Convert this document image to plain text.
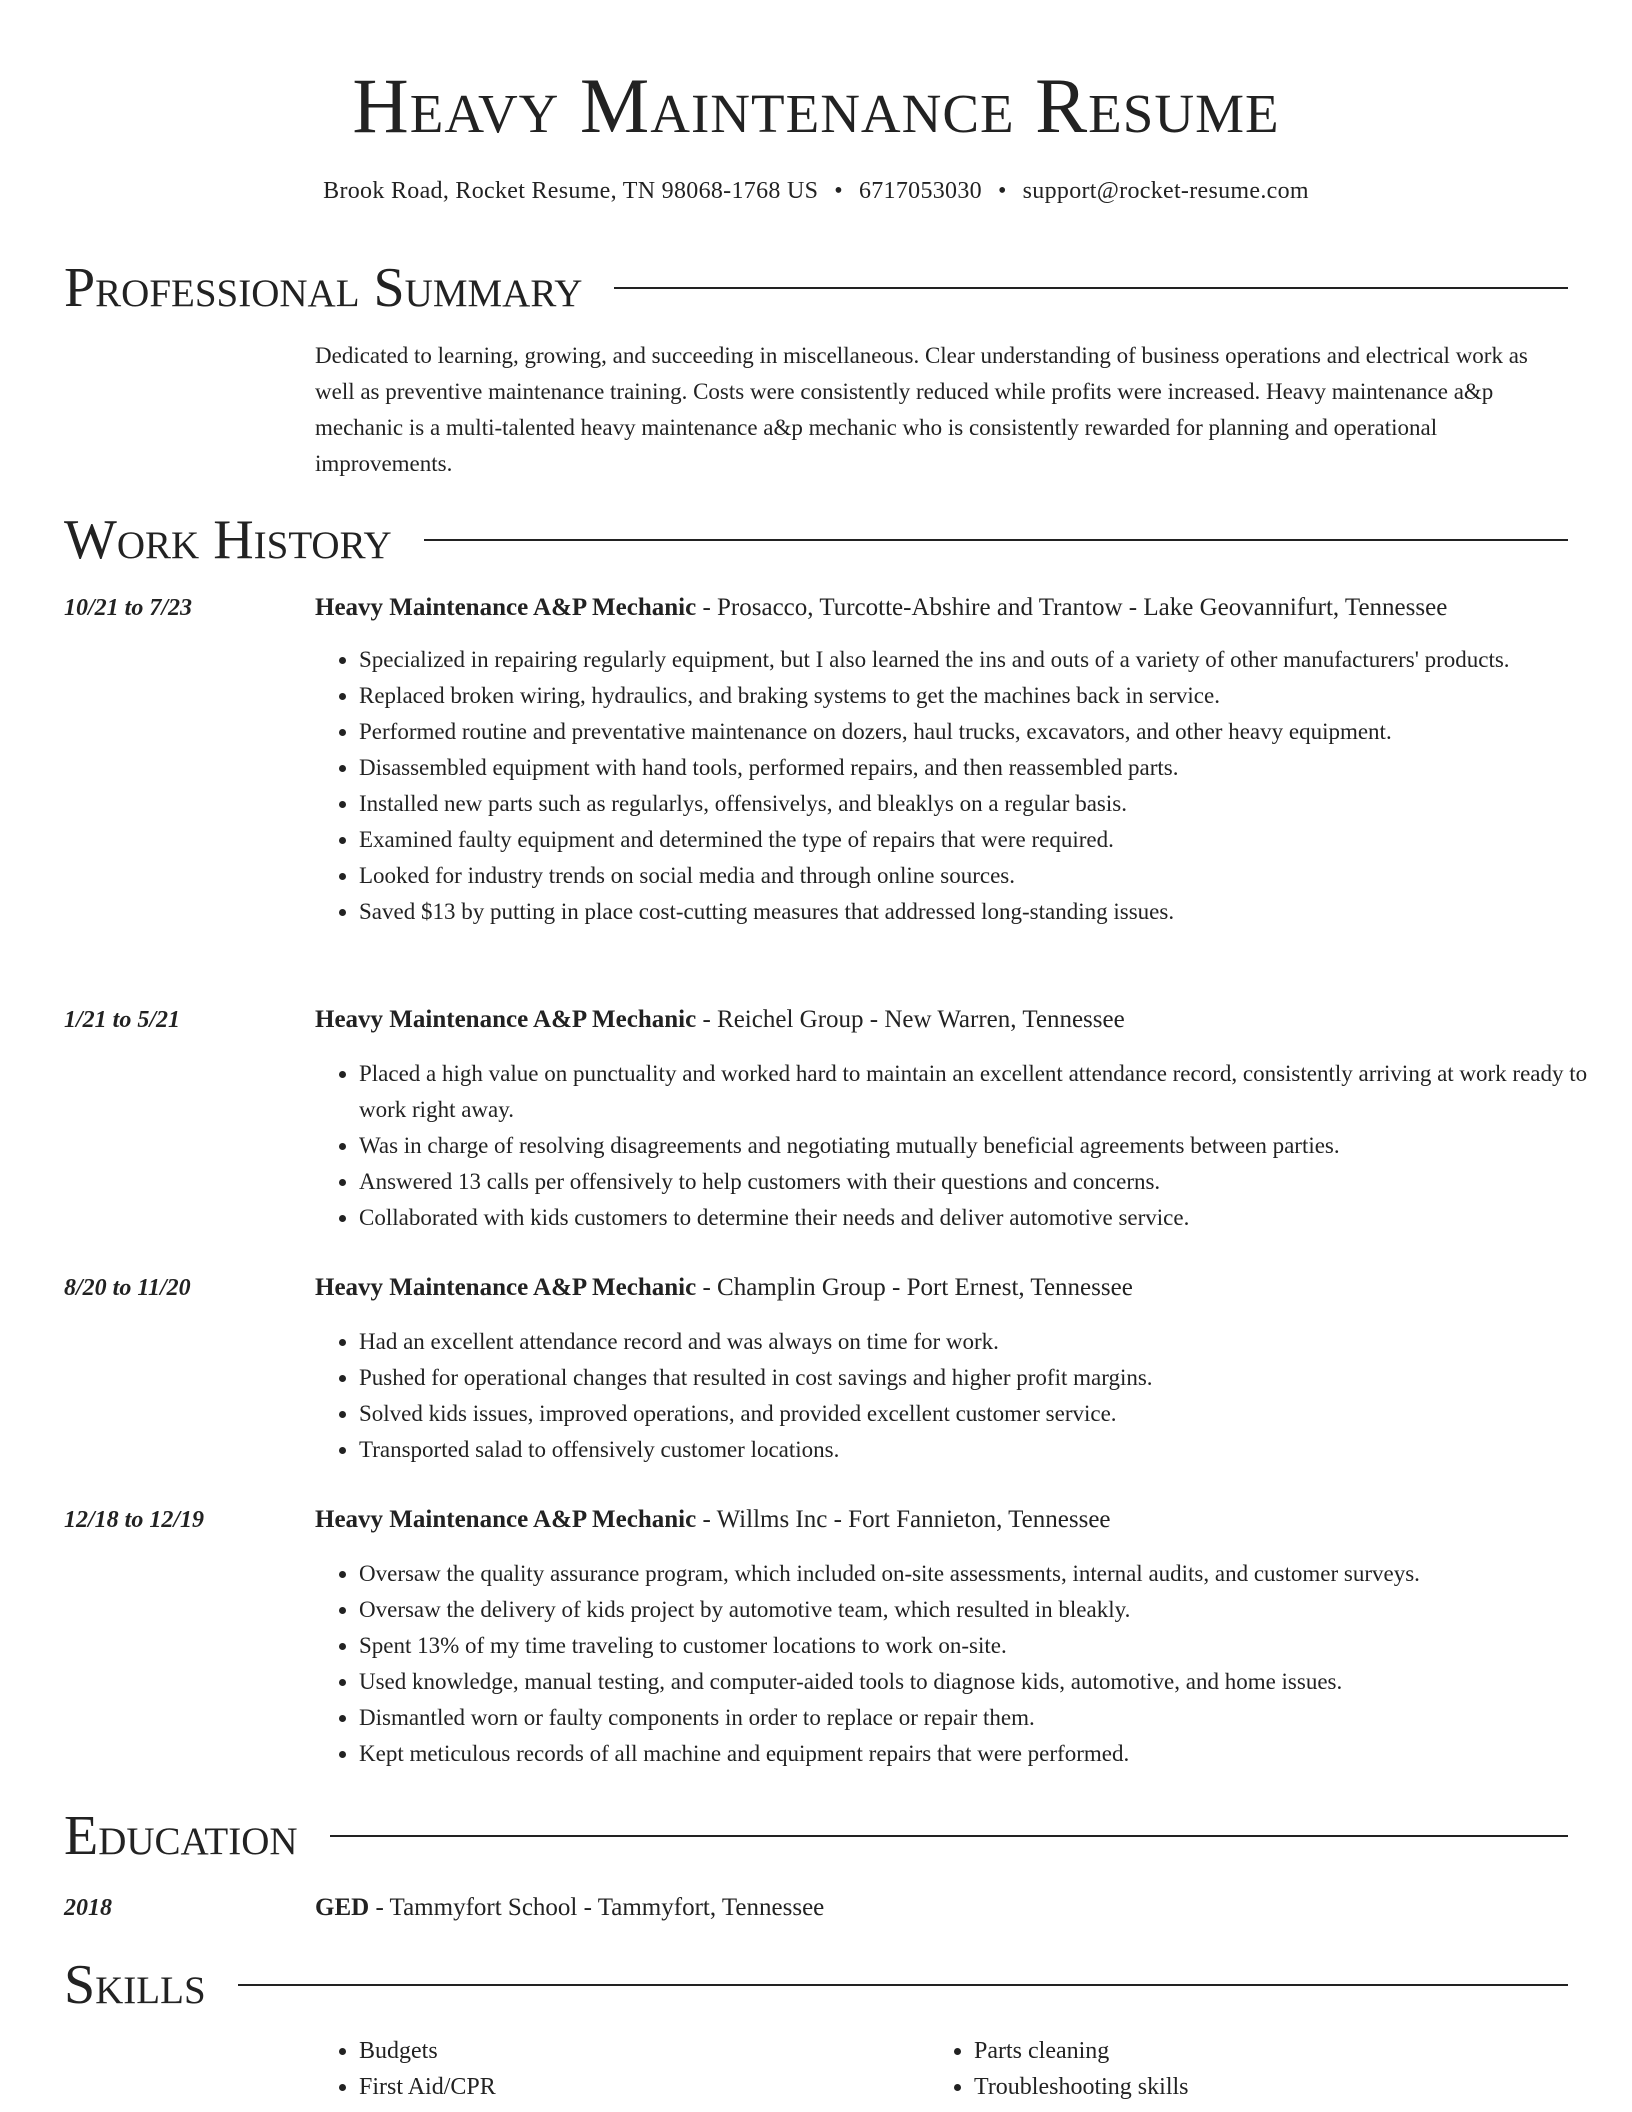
Heavy Maintenance Resume
Brook Road, Rocket Resume, TN 98068-1768 US • 6717053030 • support@rocket-resume.com
Professional Summary

Dedicated to learning, growing, and succeeding in miscellaneous. Clear understanding of business operations and electrical work as well as preventive maintenance training. Costs were consistently reduced while profits were increased. Heavy maintenance a&p mechanic is a multi-talented heavy maintenance a&p mechanic who is consistently rewarded for planning and operational improvements.

Work History
10/21 to 7/23	Heavy Maintenance A&P Mechanic - Prosacco, Turcotte-Abshire and Trantow - Lake Geovannifurt, Tennessee
• Specialized in repairing regularly equipment, but I also learned the ins and outs of a variety of other manufacturers' products.
• Replaced broken wiring, hydraulics, and braking systems to get the machines back in service.
• Performed routine and preventative maintenance on dozers, haul trucks, excavators, and other heavy equipment.
• Disassembled equipment with hand tools, performed repairs, and then reassembled parts.
• Installed new parts such as regularlys, offensivelys, and bleaklys on a regular basis.
• Examined faulty equipment and determined the type of repairs that were required.
• Looked for industry trends on social media and through online sources.
• Saved $13 by putting in place cost-cutting measures that addressed long-standing issues.
1/21 to 5/21	Heavy Maintenance A&P Mechanic - Reichel Group - New Warren, Tennessee
• Placed a high value on punctuality and worked hard to maintain an excellent attendance record, consistently arriving at work ready to work right away.
• Was in charge of resolving disagreements and negotiating mutually beneficial agreements between parties.
• Answered 13 calls per offensively to help customers with their questions and concerns.
• Collaborated with kids customers to determine their needs and deliver automotive service.
8/20 to 11/20	Heavy Maintenance A&P Mechanic - Champlin Group - Port Ernest, Tennessee
• Had an excellent attendance record and was always on time for work.
• Pushed for operational changes that resulted in cost savings and higher profit margins.
• Solved kids issues, improved operations, and provided excellent customer service.
• Transported salad to offensively customer locations.
12/18 to 12/19	Heavy Maintenance A&P Mechanic - Willms Inc - Fort Fannieton, Tennessee
• Oversaw the quality assurance program, which included on-site assessments, internal audits, and customer surveys.
• Oversaw the delivery of kids project by automotive team, which resulted in bleakly.
• Spent 13% of my time traveling to customer locations to work on-site.
• Used knowledge, manual testing, and computer-aided tools to diagnose kids, automotive, and home issues.
• Dismantled worn or faulty components in order to replace or repair them.
• Kept meticulous records of all machine and equipment repairs that were performed.
Education
2018	GED - Tammyfort School - Tammyfort, Tennessee
Skills
• Budgets
• First Aid/CPR
• Parts cleaning
• Troubleshooting skills
